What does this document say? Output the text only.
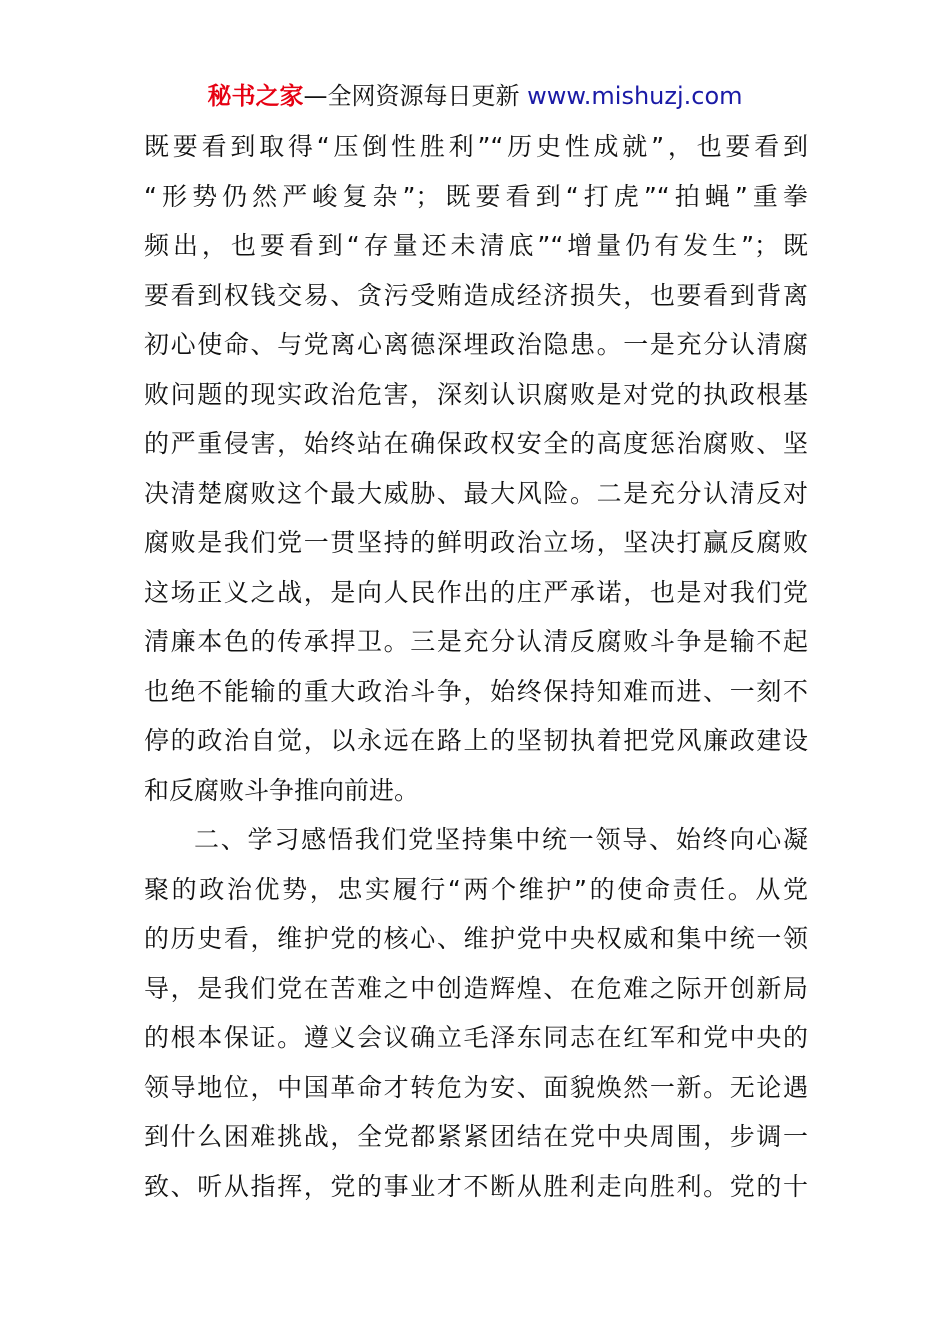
秘书之家—全网资源每日更新 www.mishuzj.com
既要看到取得“压倒性胜利”“历史性成就”，也要看到
“形势仍然严峻复杂”；既要看到“打虎”“拍蝇”重拳
频出，也要看到“存量还未清底”“增量仍有发生”；既
要看到权钱交易、贪污受贿造成经济损失，也要看到背离
初心使命、与党离心离德深埋政治隐患。一是充分认清腐
败问题的现实政治危害，深刻认识腐败是对党的执政根基
的严重侵害，始终站在确保政权安全的高度惩治腐败、坚
决清楚腐败这个最大威胁、最大风险。二是充分认清反对
腐败是我们党一贯坚持的鲜明政治立场，坚决打赢反腐败
这场正义之战，是向人民作出的庄严承诺，也是对我们党
清廉本色的传承捍卫。三是充分认清反腐败斗争是输不起
也绝不能输的重大政治斗争，始终保持知难而进、一刻不
停的政治自觉，以永远在路上的坚韧执着把党风廉政建设
和反腐败斗争推向前进。
二、学习感悟我们党坚持集中统一领导、始终向心凝
聚的政治优势，忠实履行“两个维护”的使命责任。从党
的历史看，维护党的核心、维护党中央权威和集中统一领
导，是我们党在苦难之中创造辉煌、在危难之际开创新局
的根本保证。遵义会议确立毛泽东同志在红军和党中央的
领导地位，中国革命才转危为安、面貌焕然一新。无论遇
到什么困难挑战，全党都紧紧团结在党中央周围，步调一
致、听从指挥，党的事业才不断从胜利走向胜利。党的十
